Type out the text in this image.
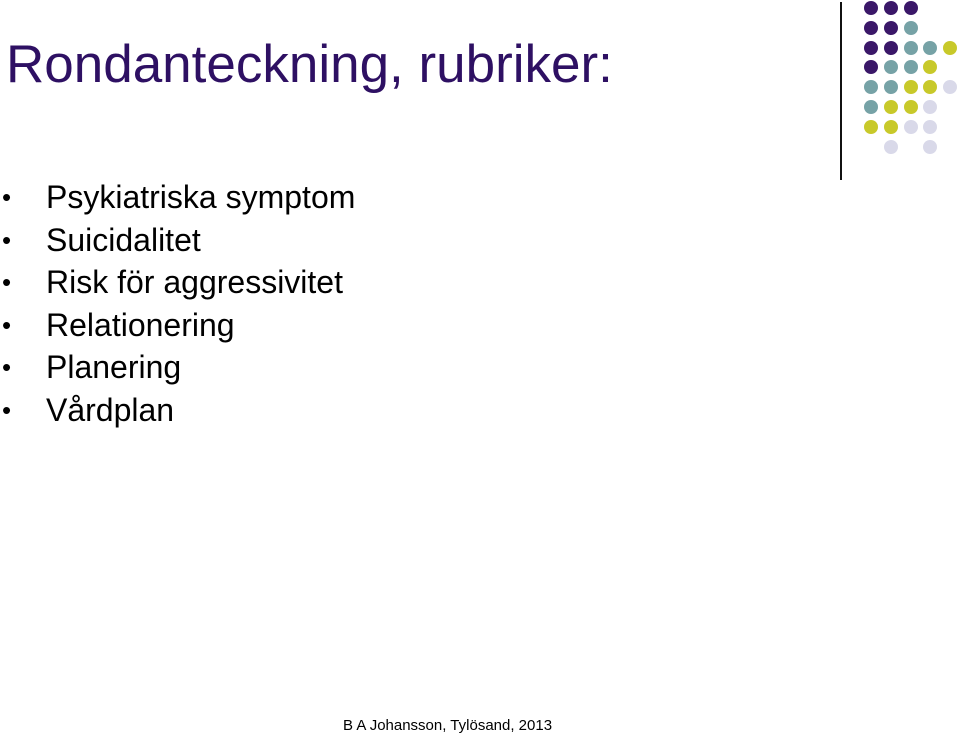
Rondanteckning, rubriker:
• Psykiatriska symptom
• Suicidalitet
• Risk för aggressivitet
• Relationering
• Planering
• Vårdplan
B A Johansson, Tylösand, 2013
